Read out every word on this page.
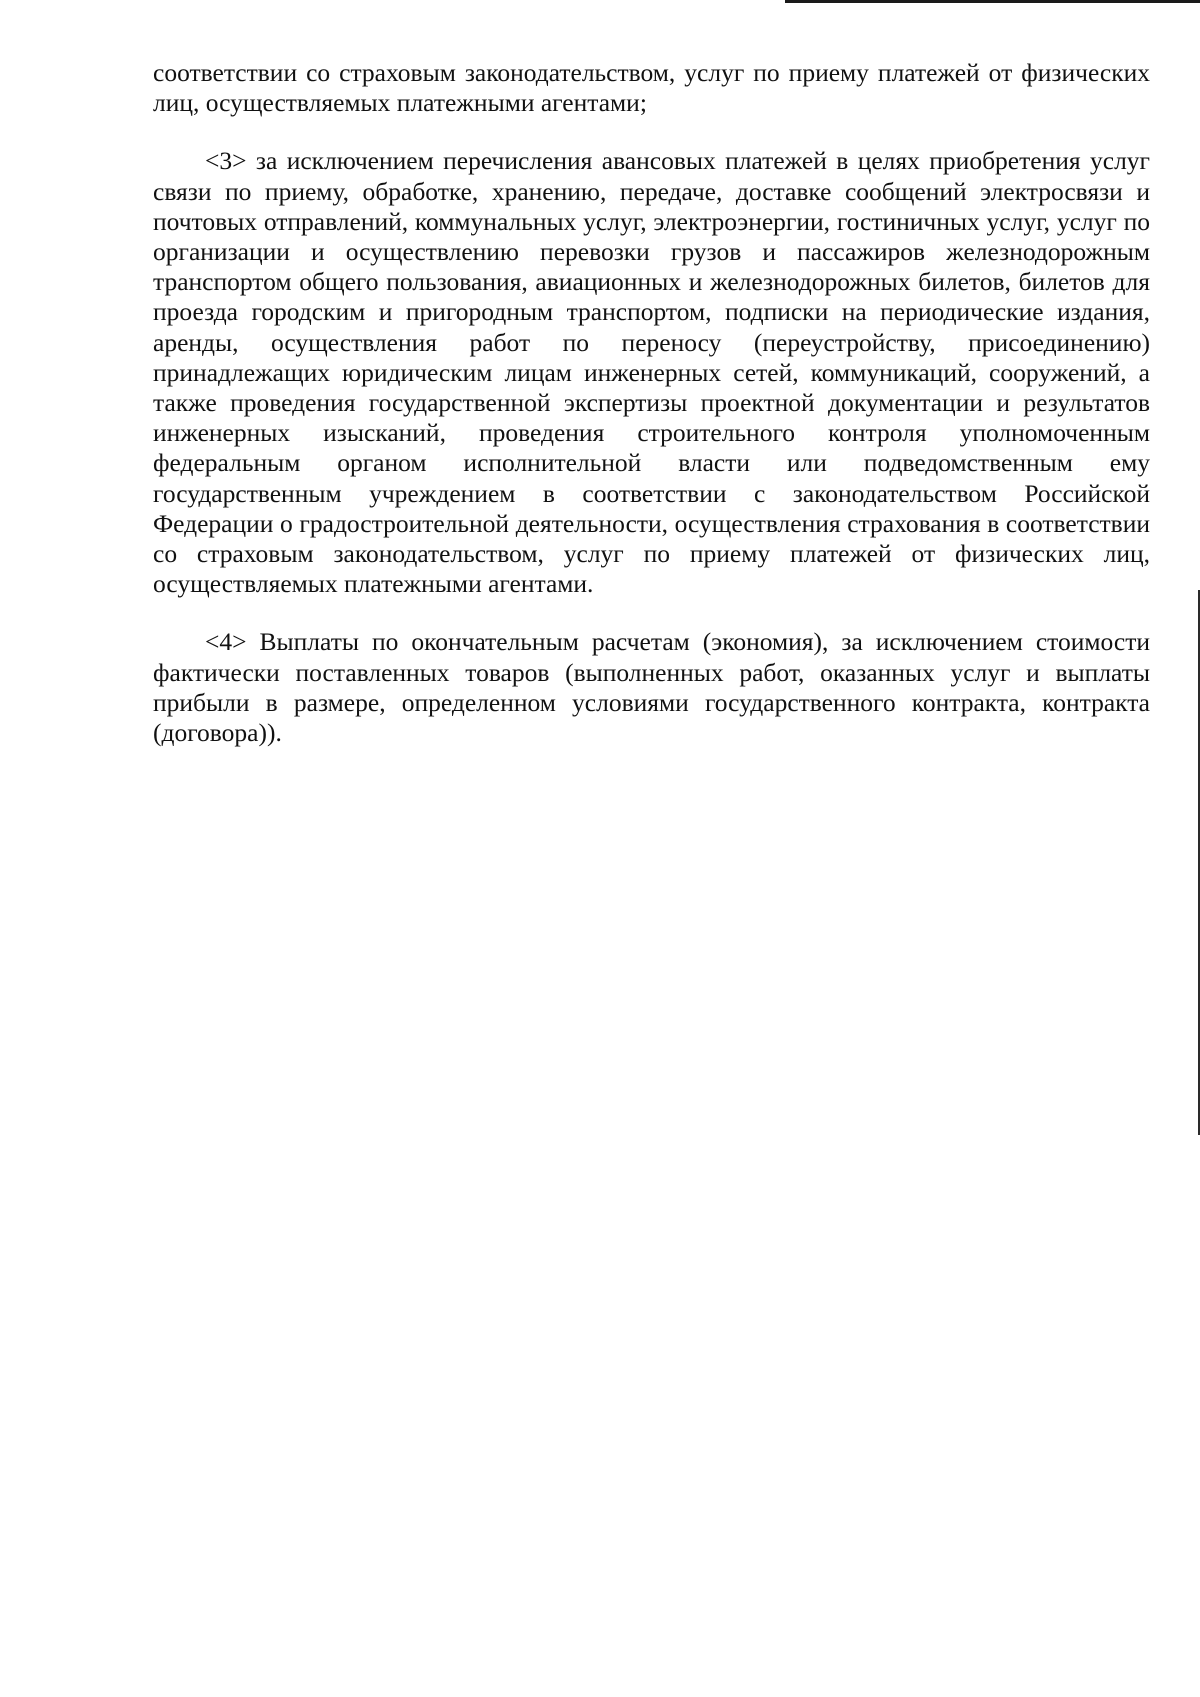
соответствии со страховым законодательством, услуг по приему платежей от физических лиц, осуществляемых платежными агентами;

<3> за исключением перечисления авансовых платежей в целях приобретения услуг связи по приему, обработке, хранению, передаче, доставке сообщений электросвязи и почтовых отправлений, коммунальных услуг, электроэнергии, гостиничных услуг, услуг по организации и осуществлению перевозки грузов и пассажиров железнодорожным транспортом общего пользования, авиационных и железнодорожных билетов, билетов для проезда городским и пригородным транспортом, подписки на периодические издания, аренды, осуществления работ по переносу (переустройству, присоединению) принадлежащих юридическим лицам инженерных сетей, коммуникаций, сооружений, а также проведения государственной экспертизы проектной документации и результатов инженерных изысканий, проведения строительного контроля уполномоченным федеральным органом исполнительной власти или подведомственным ему государственным учреждением в соответствии с законодательством Российской Федерации о градостроительной деятельности, осуществления страхования в соответствии со страховым законодательством, услуг по приему платежей от физических лиц, осуществляемых платежными агентами.

<4> Выплаты по окончательным расчетам (экономия), за исключением стоимости фактически поставленных товаров (выполненных работ, оказанных услуг и выплаты прибыли в размере, определенном условиями государственного контракта, контракта (договора)).
